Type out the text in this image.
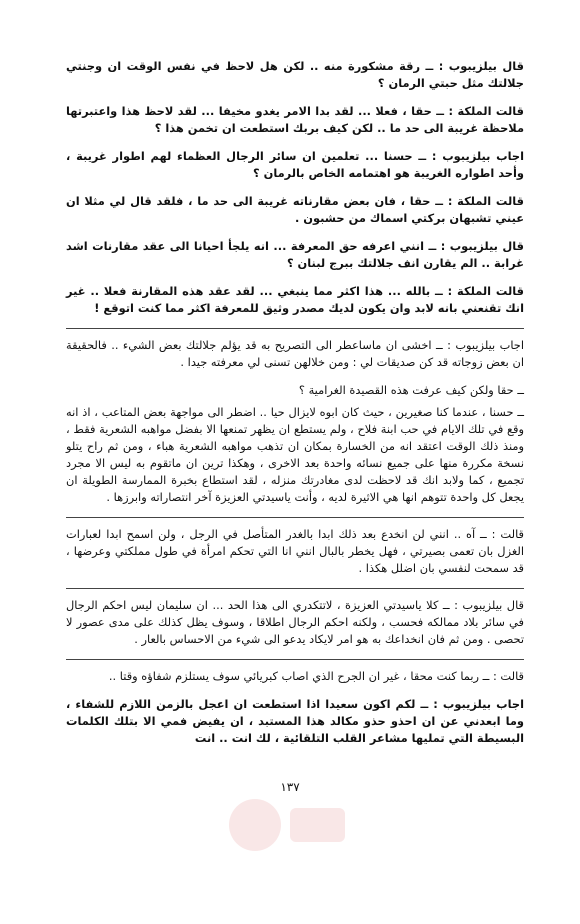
قال بيلزيبوب : ــ رقة مشكورة منه .. لكن هل لاحظ في نفس الوقت ان وجنتي جلالتك مثل حبتي الرمان ؟
قالت الملكة : ــ حقا ، فعلا ... لقد بدا الامر يغدو مخيفا ... لقد لاحظ هذا واعتبرتها ملاحظة غريبة الى حد ما .. لكن كيف بربك استطعت ان تخمن هذا ؟
اجاب بيلزيبوب : ــ حسنا ... تعلمين ان سائر الرجال العظماء لهم اطوار غريبة ، وأحد اطواره الغريبة هو اهتمامه الخاص بالرمان ؟
قالت الملكة : ــ حقا ، فان بعض مقارناته غريبة الى حد ما ، فلقد قال لي مثلا ان عيني تشبهان بركتي اسماك من حشبون .
قال بيلزيبوب : ــ انني اعرفه حق المعرفة ... انه يلجأ احيانا الى عقد مقارنات اشد غرابة .. الم يقارن انف جلالتك ببرج لبنان ؟
قالت الملكة : ــ بالله ... هذا اكثر مما ينبغي ... لقد عقد هذه المقارنة فعلا .. غير انك تقنعني بانه لابد وان يكون لديك مصدر وثيق للمعرفة اكثر مما كنت اتوقع !
اجاب بيلزيبوب : ــ اخشى ان ماساعطر الى التصريح به قد يؤلم جلالتك بعض الشيء .. فالحقيقة ان بعض زوجاته قد كن صديقات لي : ومن خلالهن تسنى لي معرفته جيدا .
ــ حقا ولكن كيف عرفت هذه القصيدة الغرامية ؟
ــ حسنا ، عندما كنا صغيرين ، حيث كان ابوه لايزال حيا .. اضطر الى مواجهة بعض المتاعب ، اذ انه وقع في تلك الايام في حب ابنة فلاح ، ولم يستطع ان يظهر تمنعها الا بفضل مواهبه الشعرية فقط ، ومنذ ذلك الوقت اعتقد انه من الخسارة بمكان ان تذهب مواهبه الشعرية هباء ، ومن ثم راح يتلو نسخة مكررة منها على جميع نسائه واحدة بعد الاخرى ، وهكذا ترين ان ماتقوم به ليس الا مجرد تجميع ، كما ولابد انك قد لاحظت لدى مغادرتك منزله ، لقد استطاع بخبرة الممارسة الطويلة ان يجعل كل واحدة تتوهم انها هي الاثيرة لديه ، وأنت ياسيدتي العزيزة آخر انتصاراته وابرزها .
قالت : ــ آه .. انني لن انخدع بعد ذلك ابدا بالغدر المتأصل في الرجل ، ولن اسمح ابدا لعبارات الغزل بان تعمى بصيرتي ، فهل يخطر بالبال انني انا التي تحكم امرأة في طول مملكتي وعرضها ، قد سمحت لنفسي بان اضلل هكذا .
قال بيلزيبوب : ــ كلا ياسيدتي العزيزة ، لاتتكدري الى هذا الحد ... ان سليمان ليس احكم الرجال في سائر بلاد ممالكه فحسب ، ولكنه احكم الرجال اطلاقا ، وسوف يظل كذلك على مدى عصور لا تحصى . ومن ثم فان انخداعك به هو امر لايكاد يدعو الى شيء من الاحساس بالعار .
قالت : ــ ربما كنت محقا ، غير ان الجرح الذي اصاب كبريائي سوف يستلزم شفاؤه وقتا ..
اجاب بيلزيبوب : ــ لكم اكون سعيدا اذا استطعت ان اعجل بالزمن اللازم للشفاء ، وما ابعدني عن ان احذو حذو مكالد هذا المستبد ، ان يفيض فمي الا بتلك الكلمات البسيطة التي تمليها مشاعر القلب التلقائية ، لك انت .. انت
١٣٧
